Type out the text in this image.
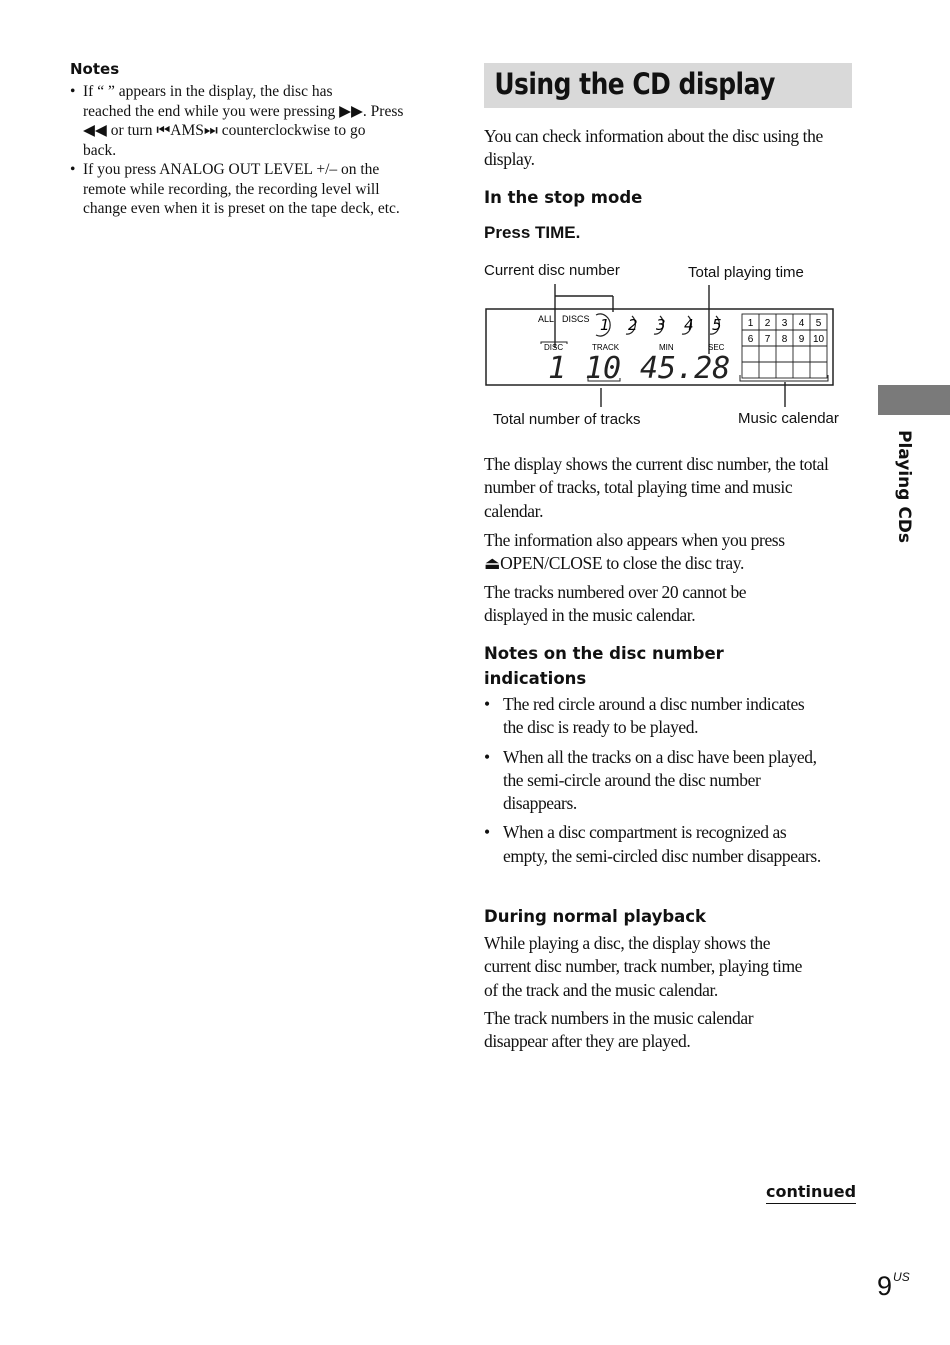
Notes
• If “ ” appears in the display, the disc has
reached the end while you were pressing ▶▶. Press
◀◀ or turn ⏮AMS⏭ counterclockwise to go
back.
• If you press ANALOG OUT LEVEL +/– on the
remote while recording, the recording level will
change even when it is preset on the tape deck, etc.
Using the CD display

You can check information about the disc using the display.

In the stop mode

Press TIME.

Current disc number	Total playing time
Total number of tracks	Music calendar
ALL DISCS 1 2 3 4 5
DISC	TRACK	MIN	SEC
1 10 45.28
1 2 3 4 5
6 7 8 9 10

The display shows the current disc number, the total number of tracks, total playing time and music calendar.

The information also appears when you press ⏏OPEN/CLOSE to close the disc tray.

The tracks numbered over 20 cannot be displayed in the music calendar.

Notes on the disc number
indications
• The red circle around a disc number indicates the disc is ready to be played.
• When all the tracks on a disc have been played, the semi-circle around the disc number disappears.
• When a disc compartment is recognized as empty, the semi-circled disc number disappears.

During normal playback

While playing a disc, the display shows the current disc number, track number, playing time of the track and the music calendar.

The track numbers in the music calendar disappear after they are played.

Playing CDs
continued
$9^{US}$
